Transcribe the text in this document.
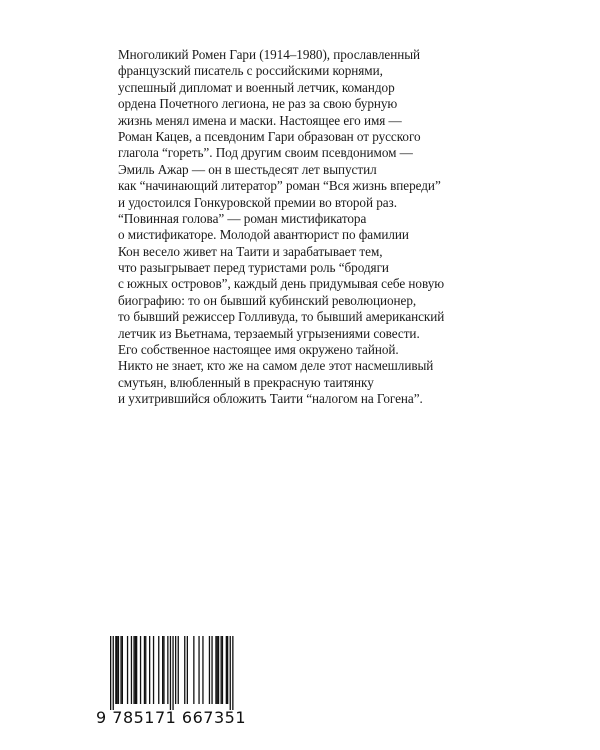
Многоликий Ромен Гари (1914–1980), прославленный
французский писатель с российскими корнями,
успешный дипломат и военный летчик, командор
ордена Почетного легиона, не раз за свою бурную
жизнь менял имена и маски. Настоящее его имя —
Роман Кацев, а псевдоним Гари образован от русского
глагола “гореть”. Под другим своим псевдонимом —
Эмиль Ажар — он в шестьдесят лет выпустил
как “начинающий литератор” роман “Вся жизнь впереди”
и удостоился Гонкуровской премии во второй раз.
“Повинная голова” — роман мистификатора
о мистификаторе. Молодой авантюрист по фамилии
Кон весело живет на Таити и зарабатывает тем,
что разыгрывает перед туристами роль “бродяги
с южных островов”, каждый день придумывая себе новую
биографию: то он бывший кубинский революционер,
то бывший режиссер Голливуда, то бывший американский
летчик из Вьетнама, терзаемый угрызениями совести.
Его собственное настоящее имя окружено тайной.
Никто не знает, кто же на самом деле этот насмешливый
смутьян, влюбленный в прекрасную таитянку
и ухитрившийся обложить Таити “налогом на Гогена”.
9 785171 667351
